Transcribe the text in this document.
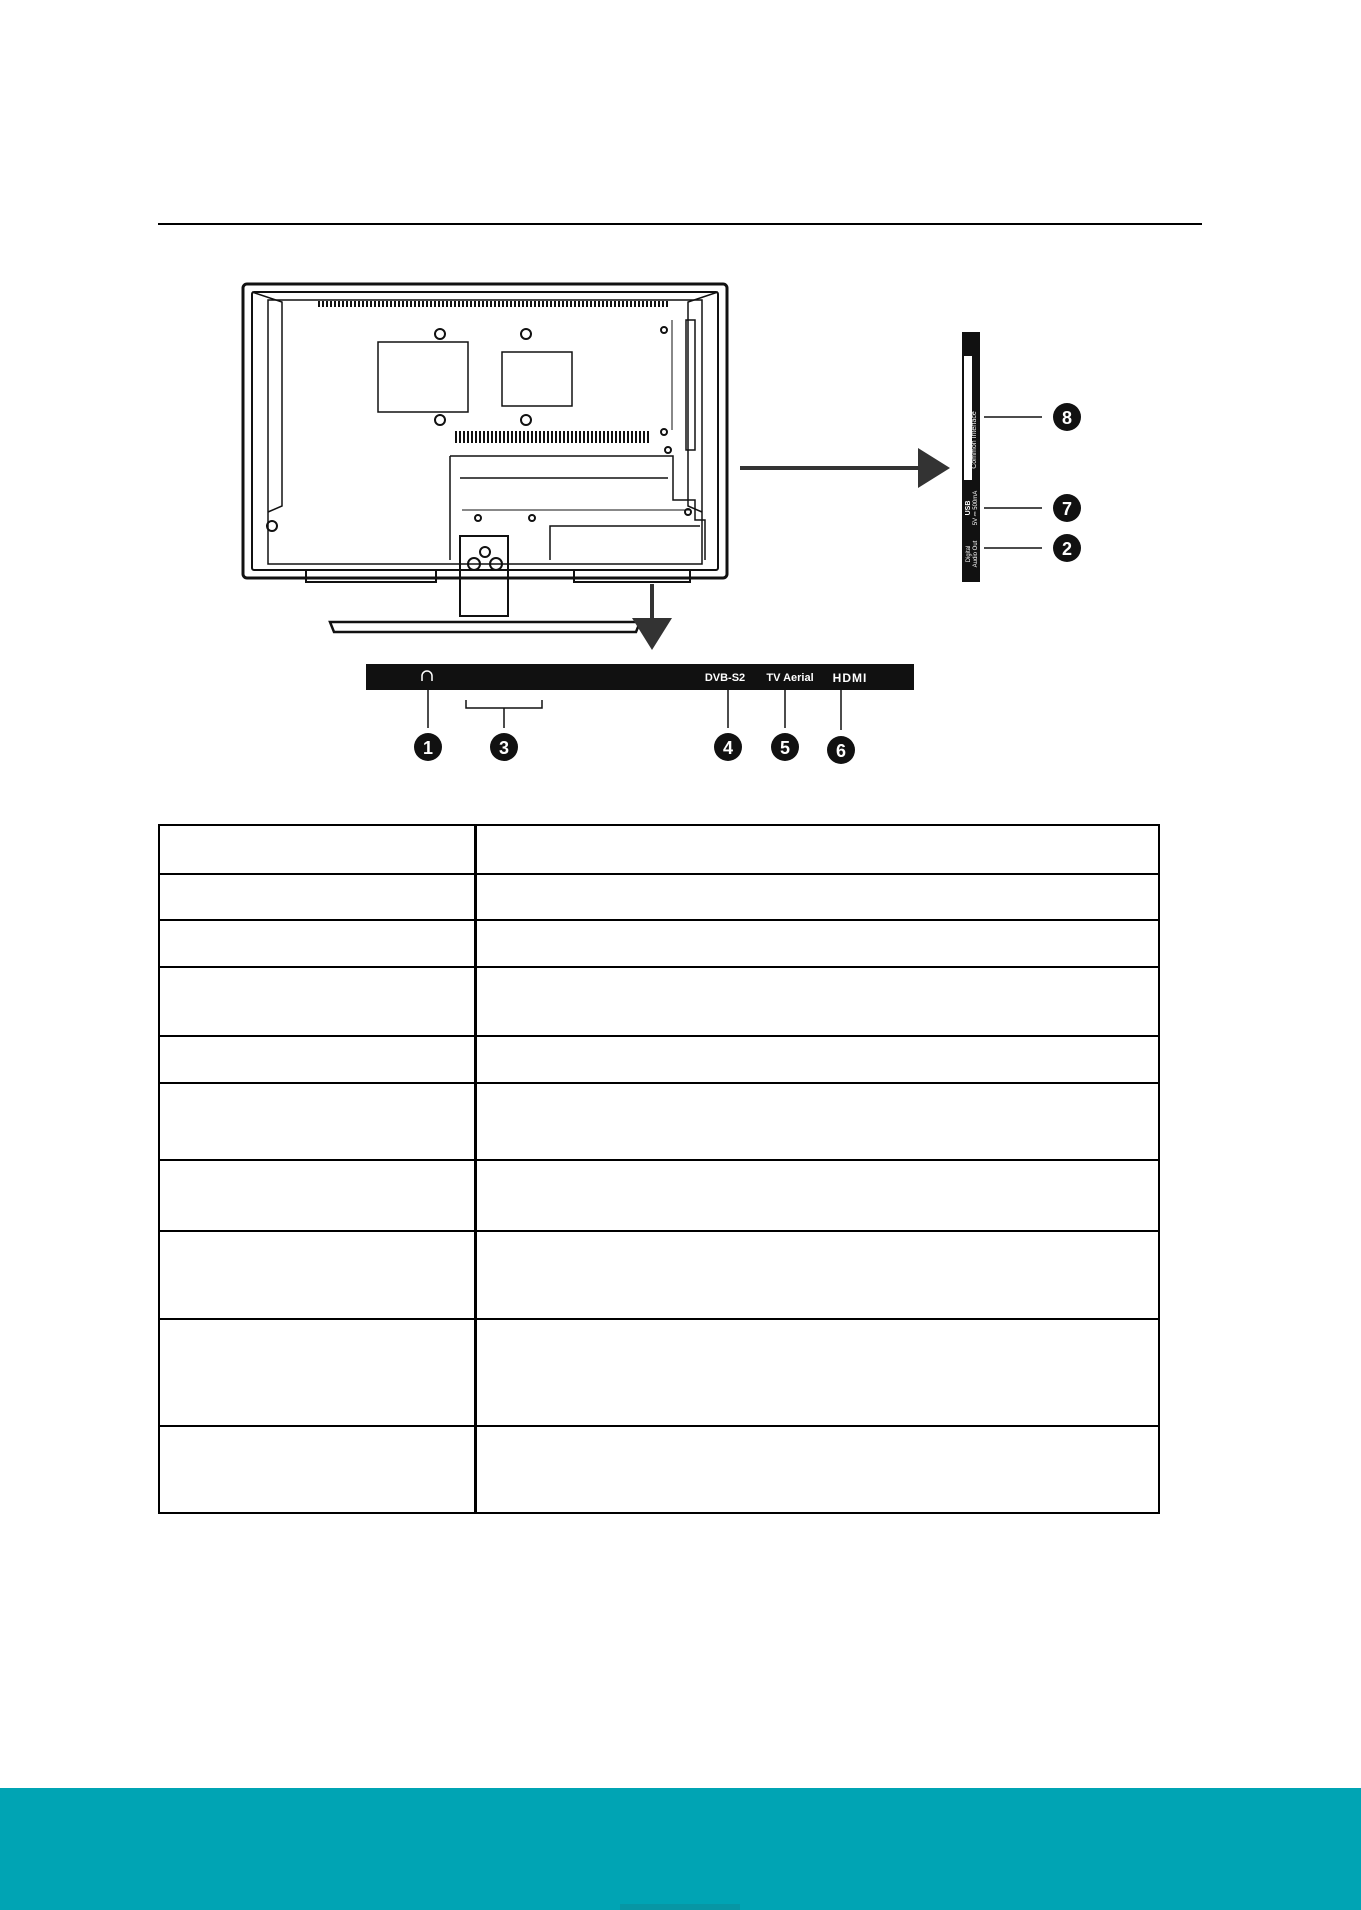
Common Interface
USB 5V ⎓ 500mA
Digital Audio Out
DVB-S2 TV Aerial HDMI
1	3	4	5	6
8
7
2
